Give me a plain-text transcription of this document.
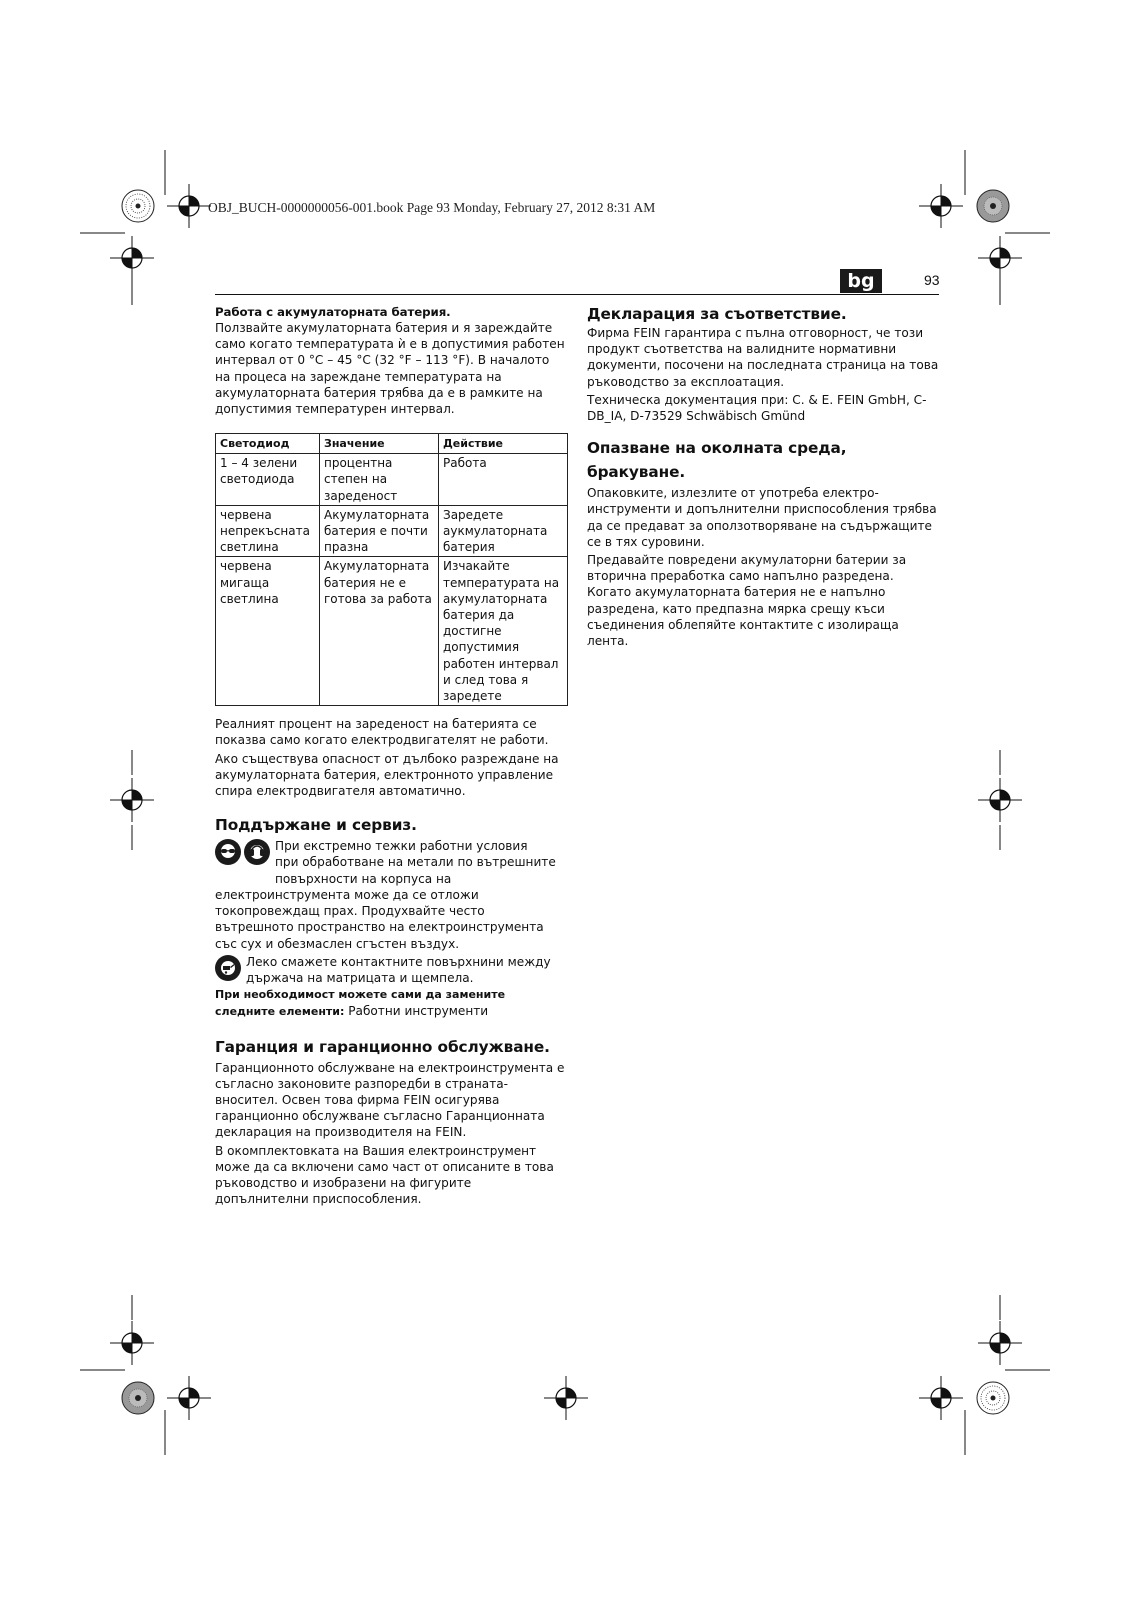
OBJ_BUCH-0000000056-001.book Page 93 Monday, February 27, 2012 8:31 AM
bg	93

Работа с акумулаторната батерия.

Ползвайте акумулаторната батерия и я зареждайте само когато температурата ѝ е в допустимия работен интервал от 0 °C – 45 °C (32 °F – 113 °F). В началото на процеса на зареждане температурата на акумулаторната батерия трябва да е в рамките на допустимия температурен интервал.

Светодиод	Значение	Действие
1 – 4 зелени светодиода	процентна степен на зареденост	Работа
червена непрекъсната светлина	Акумулаторната батерия е почти празна	Заредете аукмулаторната батерия
червена мигаща светлина	Акумулаторната батерия не е готова за работа	Изчакайте температурата на акумулаторната батерия да достигне допустимия работен интервал и след това я заредете

Реалният процент на зареденост на батерията се показва само когато електродвигателят не работи.

Ако съществува опасност от дълбоко разреждане на акумулаторната батерия, електронното управление спира електродвигателя автоматично.

Поддържане и сервиз.
При екстремно тежки работни условия
при обработване на метали по вътрешните
повърхности на корпуса на

електроинструмента може да се отложи токопровеждащ прах. Продухвайте често вътрешното пространство на електроинструмента със сух и обезмаслен сгъстен въздух.

Леко смажете контактните повърхнини между
държача на матрицата и щемпела.

При необходимост можете сами да замените следните елементи: Работни инструменти

Гаранция и гаранционно обслужване.

Гаранционното обслужване на електроинструмента е съгласно законовите разпоредби в страната-вносител. Освен това фирма FEIN осигурява гаранционно обслужване съгласно Гаранционната декларация на производителя на FEIN.

В окомплектовката на Вашия електроинструмент може да са включени само част от описаните в това ръководство и изобразени на фигурите допълнителни приспособления.

Декларация за съответствие.

Фирма FEIN гарантира с пълна отговорност, че този продукт съответства на валидните нормативни документи, посочени на последната страница на това ръководство за експлоатация.

Техническа документация при: C. & E. FEIN GmbH, C-DB_IA, D-73529 Schwäbisch Gmünd

Опазване на околната среда, бракуване.

Опаковките, излезлите от употреба електро-инструменти и допълнителни приспособления трябва да се предават за оползотворяване на съдържащите се в тях суровини.

Предавайте повредени акумулаторни батерии за вторична преработка само напълно разредена. Когато акумулаторната батерия не е напълно разредена, като предпазна мярка срещу къси съединения облепяйте контактите с изолираща лента.
